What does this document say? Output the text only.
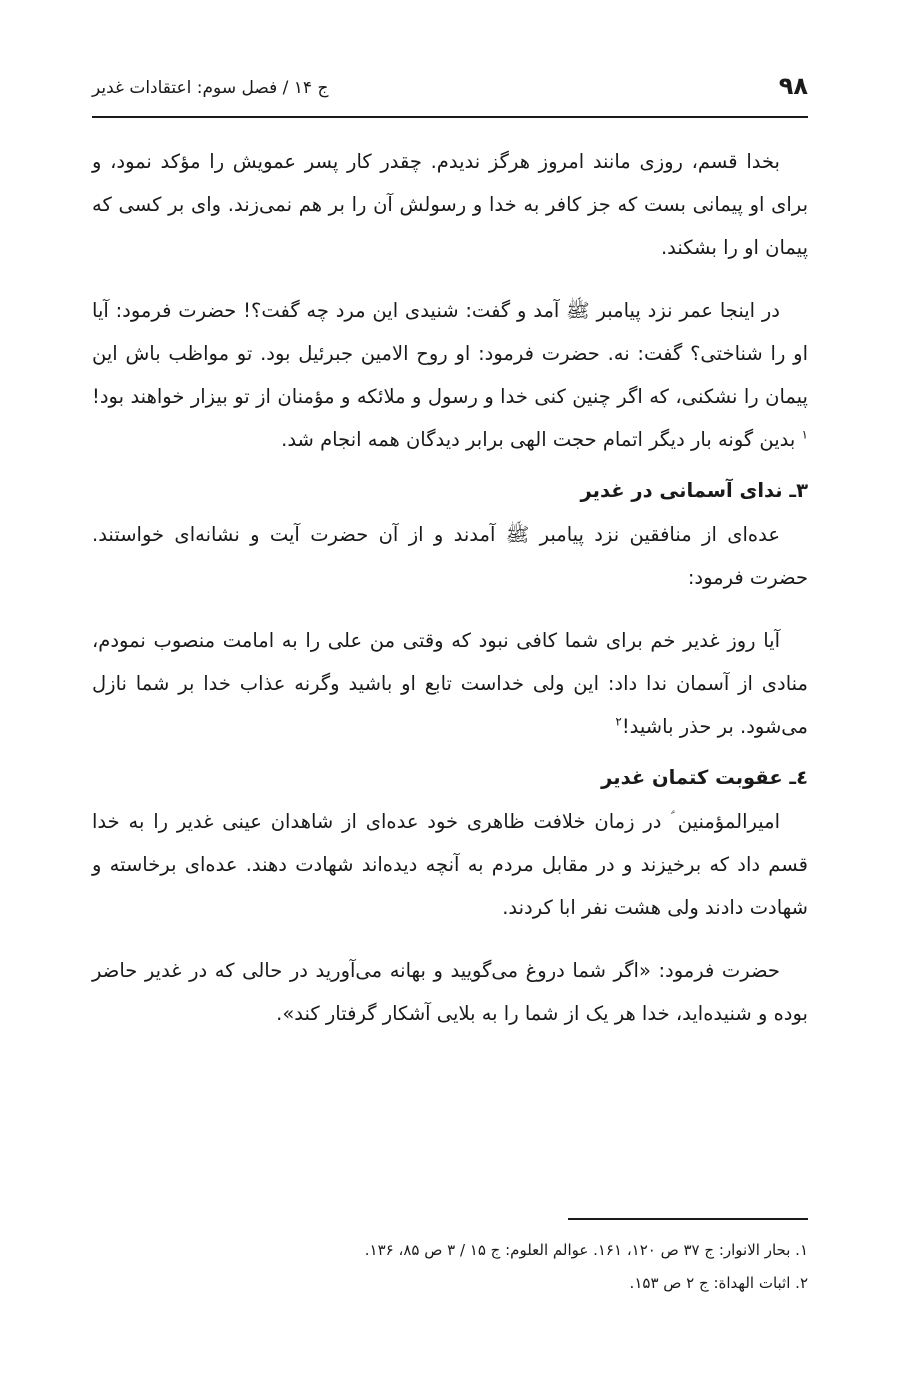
۹۸
ج ۱۴ / فصل سوم: اعتقادات غدیر

بخدا قسم، روزی مانند امروز هرگز ندیدم. چقدر کار پسر عمویش را مؤکد نمود، و برای او پیمانی بست که جز کافر به خدا و رسولش آن را بر هم نمی‌زند. وای بر کسی که پیمان او را بشکند.

در اینجا عمر نزد پیامبر ﷺ آمد و گفت: شنیدی این مرد چه گفت؟! حضرت فرمود: آیا او را شناختی؟ گفت: نه. حضرت فرمود: او روح الامین جبرئیل بود. تو مواظب باش این پیمان را نشکنی، که اگر چنین کنی خدا و رسول و ملائکه و مؤمنان از تو بیزار خواهند بود!$^۱$ بدین گونه بار دیگر اتمام حجت الهی برابر دیدگان همه انجام شد.

۳ـ ندای آسمانی در غدیر

عده‌ای از منافقین نزد پیامبر ﷺ آمدند و از آن حضرت آیت و نشانه‌ای خواستند. حضرت فرمود:

آیا روز غدیر خم برای شما کافی نبود که وقتی من علی را به امامت منصوب نمودم، منادی از آسمان ندا داد: این ولی خداست تابع او باشید وگرنه عذاب خدا بر شما نازل می‌شود. بر حذر باشید!$^۲$

٤ـ عقوبت کتمان غدیر

امیرالمؤمنین ؑ در زمان خلافت ظاهری خود عده‌ای از شاهدان عینی غدیر را به خدا قسم داد که برخیزند و در مقابل مردم به آنچه دیده‌اند شهادت دهند. عده‌ای برخاسته و شهادت دادند ولی هشت نفر ابا کردند.

حضرت فرمود: «اگر شما دروغ می‌گویید و بهانه می‌آورید در حالی که در غدیر حاضر بوده و شنیده‌اید، خدا هر یک از شما را به بلایی آشکار گرفتار کند».

۱. بحار الانوار: ج ۳۷ ص ۱۲۰، ۱۶۱. عوالم العلوم: ج ۱۵ / ۳ ص ۸۵، ۱۳۶.

۲. اثبات الهداة: ج ۲ ص ۱۵۳.
